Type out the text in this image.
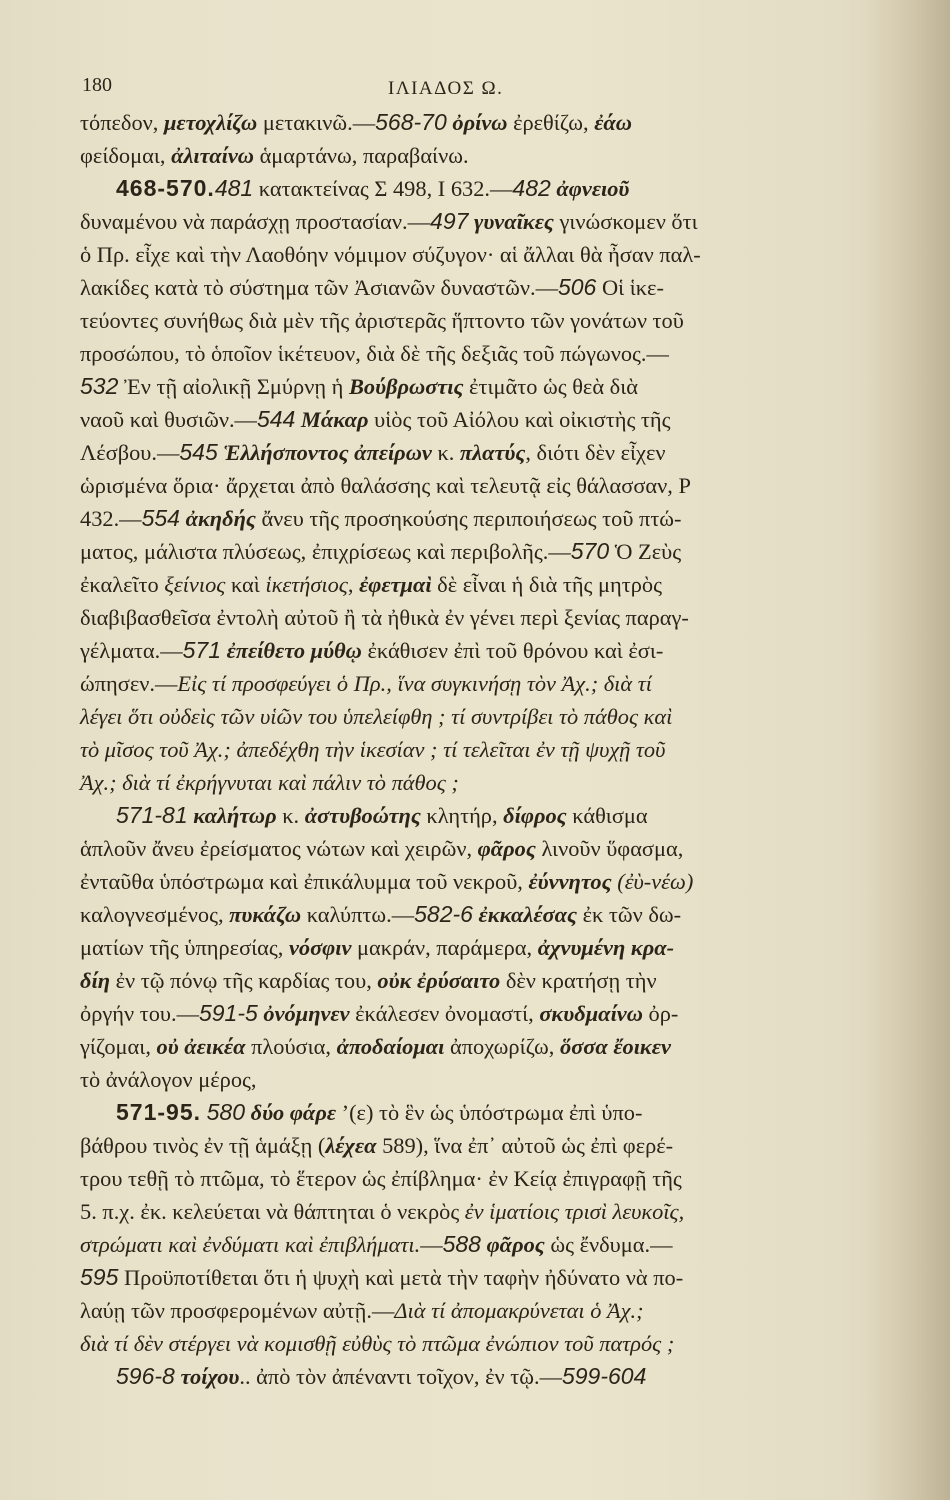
180	ΙΛΙΑΔΟΣ Ω.
τόπεδον, μετοχλίζω μετακινῶ.—568-70 ὀρίνω ἐρεθίζω, ἐάω
φείδομαι, ἀλιταίνω ἁμαρτάνω, παραβαίνω.
468-570.481 κατακτείνας Σ 498, Ι 632.—482 ἀφνειοῦ
δυναμένου νὰ παράσχῃ προστασίαν.—497 γυναῖκες γινώσκομεν ὅτι
ὁ Πρ. εἶχε καὶ τὴν Λαοθόην νόμιμον σύζυγον· αἱ ἄλλαι θὰ ἦσαν παλ-
λακίδες κατὰ τὸ σύστημα τῶν Ἀσιανῶν δυναστῶν.—506 Οἱ ἱκε-
τεύοντες συνήθως διὰ μὲν τῆς ἀριστερᾶς ἥπτοντο τῶν γονάτων τοῦ
προσώπου, τὸ ὁποῖον ἱκέτευον, διὰ δὲ τῆς δεξιᾶς τοῦ πώγωνος.—
532 Ἐν τῇ αἰολικῇ Σμύρνῃ ἡ Βούβρωστις ἐτιμᾶτο ὡς θεὰ διὰ
ναοῦ καὶ θυσιῶν.—544 Μάκαρ υἱὸς τοῦ Αἰόλου καὶ οἰκιστὴς τῆς
Λέσβου.—545 Ἑλλήσποντος ἀπείρων κ. πλατύς, διότι δὲν εἶχεν
ὡρισμένα ὅρια· ἄρχεται ἀπὸ θαλάσσης καὶ τελευτᾷ εἰς θάλασσαν, Ρ
432.—554 ἀκηδής ἄνευ τῆς προσηκούσης περιποιήσεως τοῦ πτώ-
ματος, μάλιστα πλύσεως, ἐπιχρίσεως καὶ περιβολῆς.—570 Ὁ Ζεὺς
ἐκαλεῖτο ξείνιος καὶ ἱκετήσιος, ἐφετμαὶ δὲ εἶναι ἡ διὰ τῆς μητρὸς
διαβιβασθεῖσα ἐντολὴ αὐτοῦ ἢ τὰ ἠθικὰ ἐν γένει περὶ ξενίας παραγ-
γέλματα.—571 ἐπείθετο μύθῳ ἐκάθισεν ἐπὶ τοῦ θρόνου καὶ ἐσι-
ώπησεν.—Εἰς τί προσφεύγει ὁ Πρ., ἵνα συγκινήσῃ τὸν Ἀχ.; διὰ τί
λέγει ὅτι οὐδεὶς τῶν υἱῶν του ὑπελείφθη ; τί συντρίβει τὸ πάθος καὶ
τὸ μῖσος τοῦ Ἀχ.; ἀπεδέχθη τὴν ἱκεσίαν ; τί τελεῖται ἐν τῇ ψυχῇ τοῦ
Ἀχ.; διὰ τί ἐκρήγνυται καὶ πάλιν τὸ πάθος ;
571-81 καλήτωρ κ. ἀστυβοώτης κλητήρ, δίφρος κάθισμα
ἁπλοῦν ἄνευ ἐρείσματος νώτων καὶ χειρῶν, φᾶρος λινοῦν ὕφασμα,
ἐνταῦθα ὑπόστρωμα καὶ ἐπικάλυμμα τοῦ νεκροῦ, ἐύννητος (ἐὺ-νέω)
καλογνεσμένος, πυκάζω καλύπτω.—582-6 ἐκκαλέσας ἐκ τῶν δω-
ματίων τῆς ὑπηρεσίας, νόσφιν μακράν, παράμερα, ἀχνυμένη κρα-
δίη ἐν τῷ πόνῳ τῆς καρδίας του, οὐκ ἐρύσαιτο δὲν κρατήσῃ τὴν
ὀργήν του.—591-5 ὀνόμηνεν ἐκάλεσεν ὀνομαστί, σκυδμαίνω ὀρ-
γίζομαι, οὐ ἀεικέα πλούσια, ἀποδαίομαι ἀποχωρίζω, ὅσσα ἔοικεν
τὸ ἀνάλογον μέρος,
571-95. 580 δύο φάρε ’(ε) τὸ ἓν ὡς ὑπόστρωμα ἐπὶ ὑπο-
βάθρου τινὸς ἐν τῇ ἁμάξῃ (λέχεα 589), ἵνα ἐπ᾽ αὐτοῦ ὡς ἐπὶ φερέ-
τρου τεθῇ τὸ πτῶμα, τὸ ἕτερον ὡς ἐπίβλημα· ἐν Κείᾳ ἐπιγραφῇ τῆς
5. π.χ. ἐκ. κελεύεται νὰ θάπτηται ὁ νεκρὸς ἐν ἱματίοις τρισὶ λευκοῖς,
στρώματι καὶ ἐνδύματι καὶ ἐπιβλήματι.—588 φᾶρος ὡς ἔνδυμα.—
595 Προϋποτίθεται ὅτι ἡ ψυχὴ καὶ μετὰ τὴν ταφὴν ἠδύνατο νὰ πο-
λαύῃ τῶν προσφερομένων αὐτῇ.—Διὰ τί ἀπομακρύνεται ὁ Ἀχ.;
διὰ τί δὲν στέργει νὰ κομισθῇ εὐθὺς τὸ πτῶμα ἐνώπιον τοῦ πατρός ;
596-8 τοίχου.. ἀπὸ τὸν ἀπέναντι τοῖχον, ἐν τῷ.—599-604
